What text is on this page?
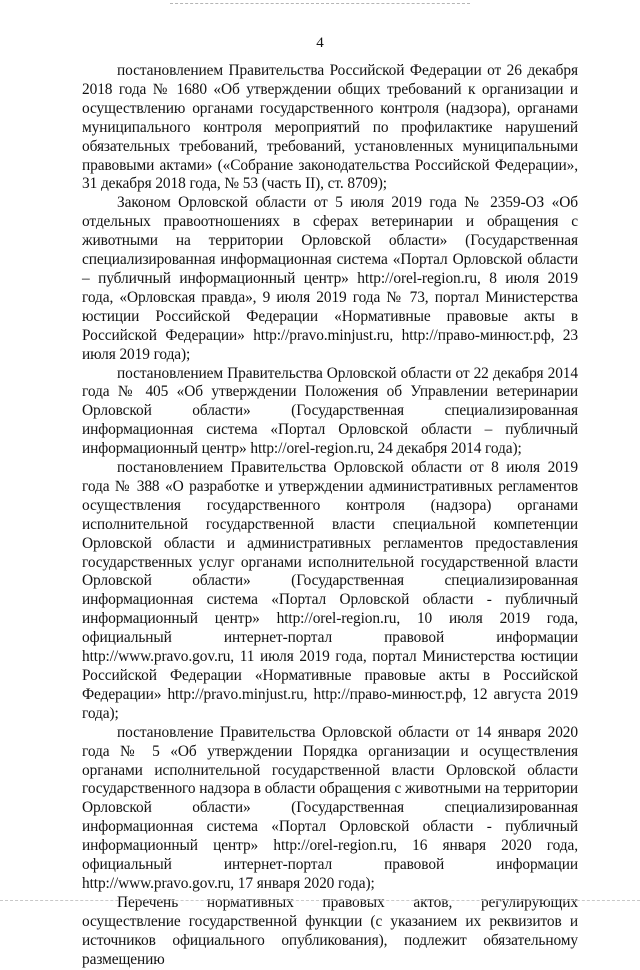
4

постановлением Правительства Российской Федерации от 26 декабря 2018 года № 1680 «Об утверждении общих требований к организации и осуществлению органами государственного контроля (надзора), органами муниципального контроля мероприятий по профилактике нарушений обязательных требований, требований, установленных муниципальными правовыми актами» («Собрание законодательства Российской Федерации», 31 декабря 2018 года, № 53 (часть II), ст. 8709);

Законом Орловской области от 5 июля 2019 года № 2359-ОЗ «Об отдельных правоотношениях в сферах ветеринарии и обращения с животными на территории Орловской области» (Государственная специализированная информационная система «Портал Орловской области – публичный информационный центр» http://orel-region.ru, 8 июля 2019 года, «Орловская правда», 9 июля 2019 года № 73, портал Министерства юстиции Российской Федерации «Нормативные правовые акты в Российской Федерации» http://pravo.minjust.ru, http://право-минюст.рф, 23 июля 2019 года);

постановлением Правительства Орловской области от 22 декабря 2014 года № 405 «Об утверждении Положения об Управлении ветеринарии Орловской области» (Государственная специализированная информационная система «Портал Орловской области – публичный информационный центр» http://orel-region.ru, 24 декабря 2014 года);

постановлением Правительства Орловской области от 8 июля 2019 года № 388 «О разработке и утверждении административных регламентов осуществления государственного контроля (надзора) органами исполнительной государственной власти специальной компетенции Орловской области и административных регламентов предоставления государственных услуг органами исполнительной государственной власти Орловской области» (Государственная специализированная информационная система «Портал Орловской области - публичный информационный центр» http://orel-region.ru, 10 июля 2019 года, официальный интернет-портал правовой информации http://www.pravo.gov.ru, 11 июля 2019 года, портал Министерства юстиции Российской Федерации «Нормативные правовые акты в Российской Федерации» http://pravo.minjust.ru, http://право-минюст.рф, 12 августа 2019 года);

постановление Правительства Орловской области от 14 января 2020 года № 5 «Об утверждении Порядка организации и осуществления органами исполнительной государственной власти Орловской области государственного надзора в области обращения с животными на территории Орловской области» (Государственная специализированная информационная система «Портал Орловской области - публичный информационный центр» http://orel-region.ru, 16 января 2020 года, официальный интернет-портал правовой информации http://www.pravo.gov.ru, 17 января 2020 года);

Перечень нормативных правовых актов, регулирующих осуществление государственной функции (с указанием их реквизитов и источников официального опубликования), подлежит обязательному размещению
